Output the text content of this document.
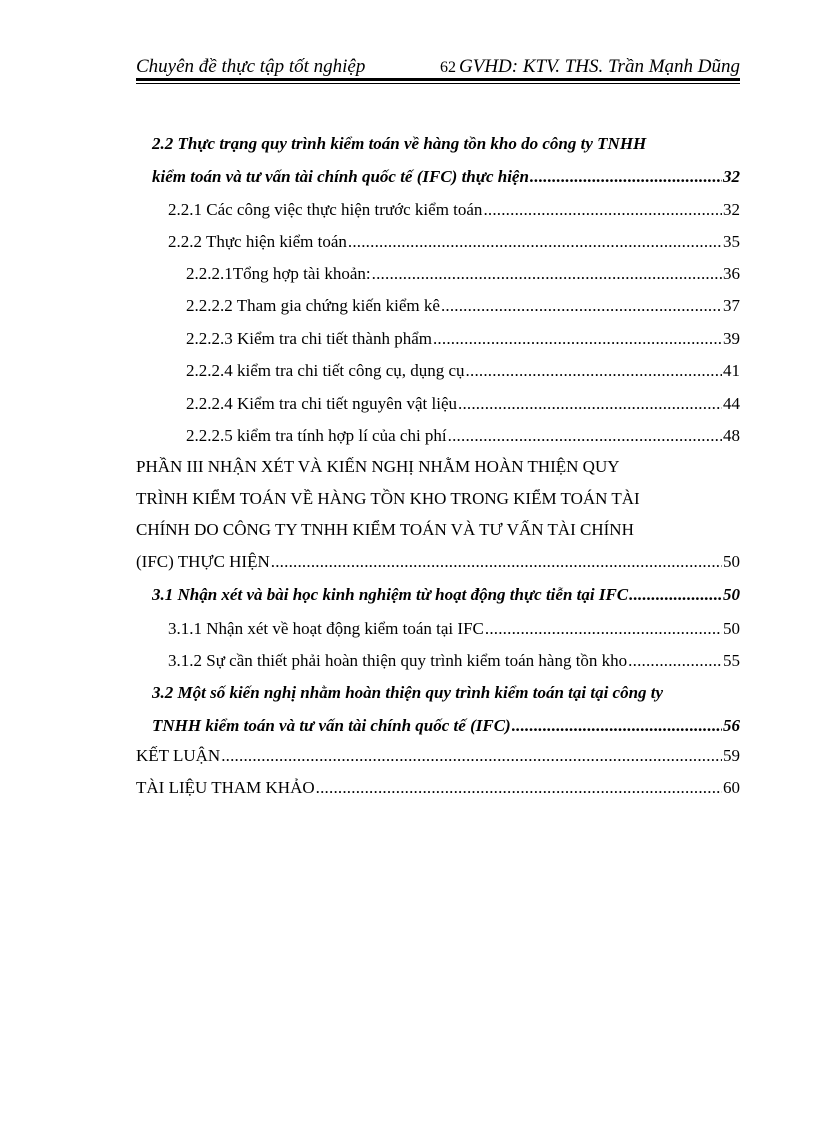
Chuyên đề thực tập tốt nghiệp	62 GVHD: KTV. THS. Trần Mạnh Dũng
2.2 Thực trạng quy trình kiểm toán về hàng tồn kho do công ty TNHH
kiểm toán và tư vấn tài chính quốc tế (IFC) thực hiện .....	32
2.2.1 Các công việc thực hiện trước kiểm toán .....	32
2.2.2 Thực hiện kiểm toán .....	35
2.2.2.1Tổng hợp tài khoản: .....	36
2.2.2.2 Tham gia chứng kiến kiểm kê .....	37
2.2.2.3 Kiểm tra chi tiết thành phẩm .....	39
2.2.2.4 kiểm tra chi tiết công cụ, dụng cụ .....	41
2.2.2.4 Kiểm tra chi tiết nguyên vật liệu .....	44
2.2.2.5 kiểm tra tính hợp lí của chi phí .....	48
PHẦN III NHẬN XÉT VÀ KIẾN NGHỊ NHẰM HOÀN THIỆN QUY
TRÌNH KIỂM TOÁN VỀ HÀNG TỒN KHO TRONG KIỂM TOÁN TÀI
CHÍNH DO CÔNG TY TNHH KIỂM TOÁN VÀ TƯ VẤN TÀI CHÍNH
(IFC) THỰC HIỆN .....	50
3.1 Nhận xét và bài học kinh nghiệm từ hoạt động thực tiễn tại IFC .....	50
3.1.1 Nhận xét về hoạt động kiểm toán tại IFC .....	50
3.1.2 Sự cần thiết phải hoàn thiện quy trình kiểm toán hàng tồn kho .....	55
3.2 Một số kiến nghị nhằm hoàn thiện quy trình kiểm toán tại tại công ty
TNHH kiểm toán và tư vấn tài chính quốc tế (IFC) .....	56
KẾT LUẬN .....	59
TÀI LIỆU THAM KHẢO .....	60
